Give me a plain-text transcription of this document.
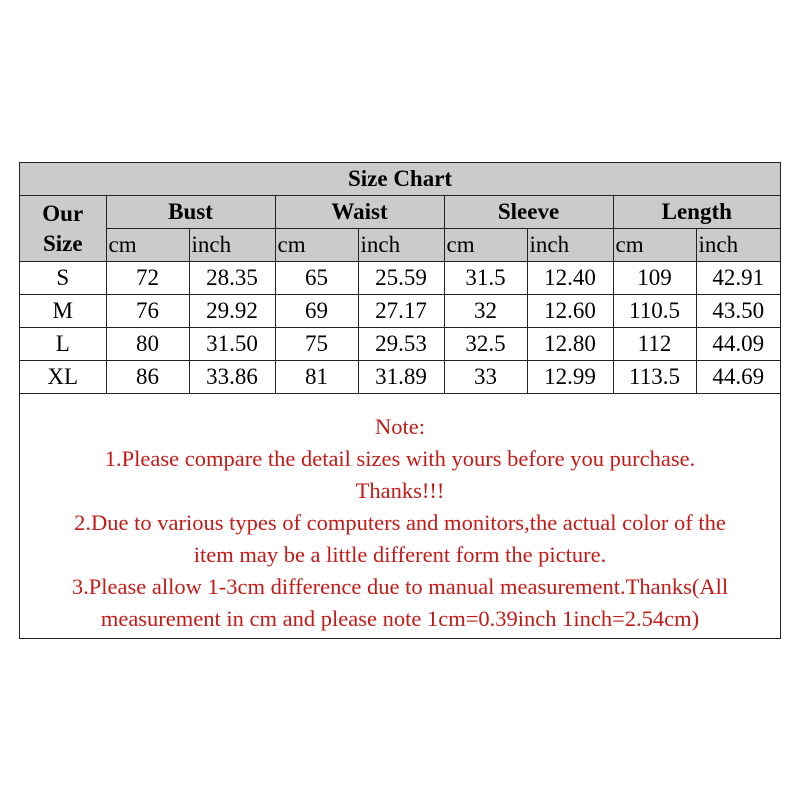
Size Chart								

Our
Size	Bust		Waist		Sleeve		Length	
	cm	inch	cm	inch	cm	inch	cm	inch
S	72	28.35	65	25.59	31.5	12.40	109	42.91
M	76	29.92	69	27.17	32	12.60	110.5	43.50
L	80	31.50	75	29.53	32.5	12.80	112	44.09
XL	86	33.86	81	31.89	33	12.99	113.5	44.69
Note:
1.Please compare the detail sizes with yours before you purchase.
Thanks!!!
2.Due to various types of computers and monitors,the actual color of the
item may be a little different form the picture.
3.Please allow 1-3cm difference due to manual measurement.Thanks(All
measurement in cm and please note 1cm=0.39inch 1inch=2.54cm)
